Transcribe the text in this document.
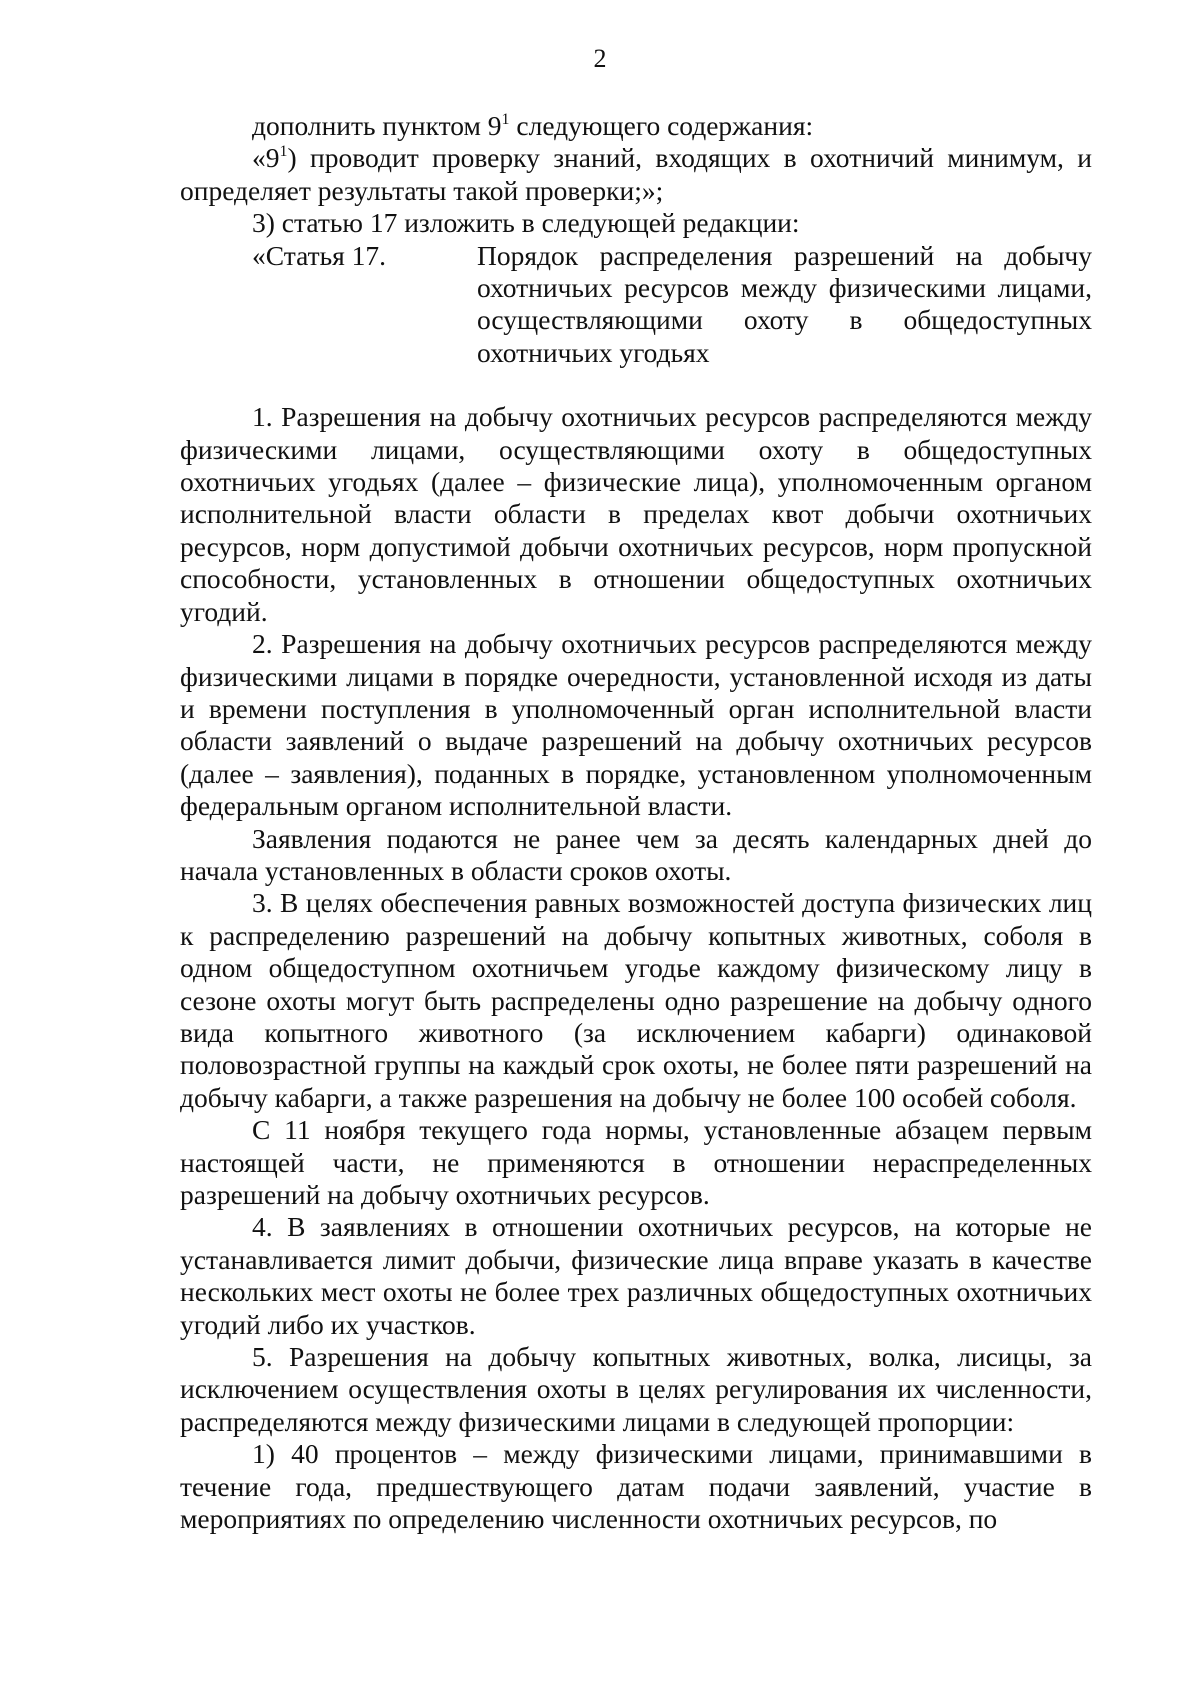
2

дополнить пунктом $9^1$ следующего содержания:

«$9^1$) проводит проверку знаний, входящих в охотничий минимум, и определяет результаты такой проверки;»;

3) статью 17 изложить в следующей редакции:

«Статья 17.	Порядок распределения разрешений на добычу охотничьих ресурсов между физическими лицами, осуществляющими охоту в общедоступных охотничьих угодьях

1. Разрешения на добычу охотничьих ресурсов распределяются между физическими лицами, осуществляющими охоту в общедоступных охотничьих угодьях (далее – физические лица), уполномоченным органом исполнительной власти области в пределах квот добычи охотничьих ресурсов, норм допустимой добычи охотничьих ресурсов, норм пропускной способности, установленных в отношении общедоступных охотничьих угодий.

2. Разрешения на добычу охотничьих ресурсов распределяются между физическими лицами в порядке очередности, установленной исходя из даты и времени поступления в уполномоченный орган исполнительной власти области заявлений о выдаче разрешений на добычу охотничьих ресурсов (далее – заявления), поданных в порядке, установленном уполномоченным федеральным органом исполнительной власти.

Заявления подаются не ранее чем за десять календарных дней до начала установленных в области сроков охоты.

3. В целях обеспечения равных возможностей доступа физических лиц к распределению разрешений на добычу копытных животных, соболя в одном общедоступном охотничьем угодье каждому физическому лицу в сезоне охоты могут быть распределены одно разрешение на добычу одного вида копытного животного (за исключением кабарги) одинаковой половозрастной группы на каждый срок охоты, не более пяти разрешений на добычу кабарги, а также разрешения на добычу не более 100 особей соболя.

С 11 ноября текущего года нормы, установленные абзацем первым настоящей части, не применяются в отношении нераспределенных разрешений на добычу охотничьих ресурсов.

4. В заявлениях в отношении охотничьих ресурсов, на которые не устанавливается лимит добычи, физические лица вправе указать в качестве нескольких мест охоты не более трех различных общедоступных охотничьих угодий либо их участков.

5. Разрешения на добычу копытных животных, волка, лисицы, за исключением осуществления охоты в целях регулирования их численности, распределяются между физическими лицами в следующей пропорции:

1) 40 процентов – между физическими лицами, принимавшими в течение года, предшествующего датам подачи заявлений, участие в мероприятиях по определению численности охотничьих ресурсов, по
